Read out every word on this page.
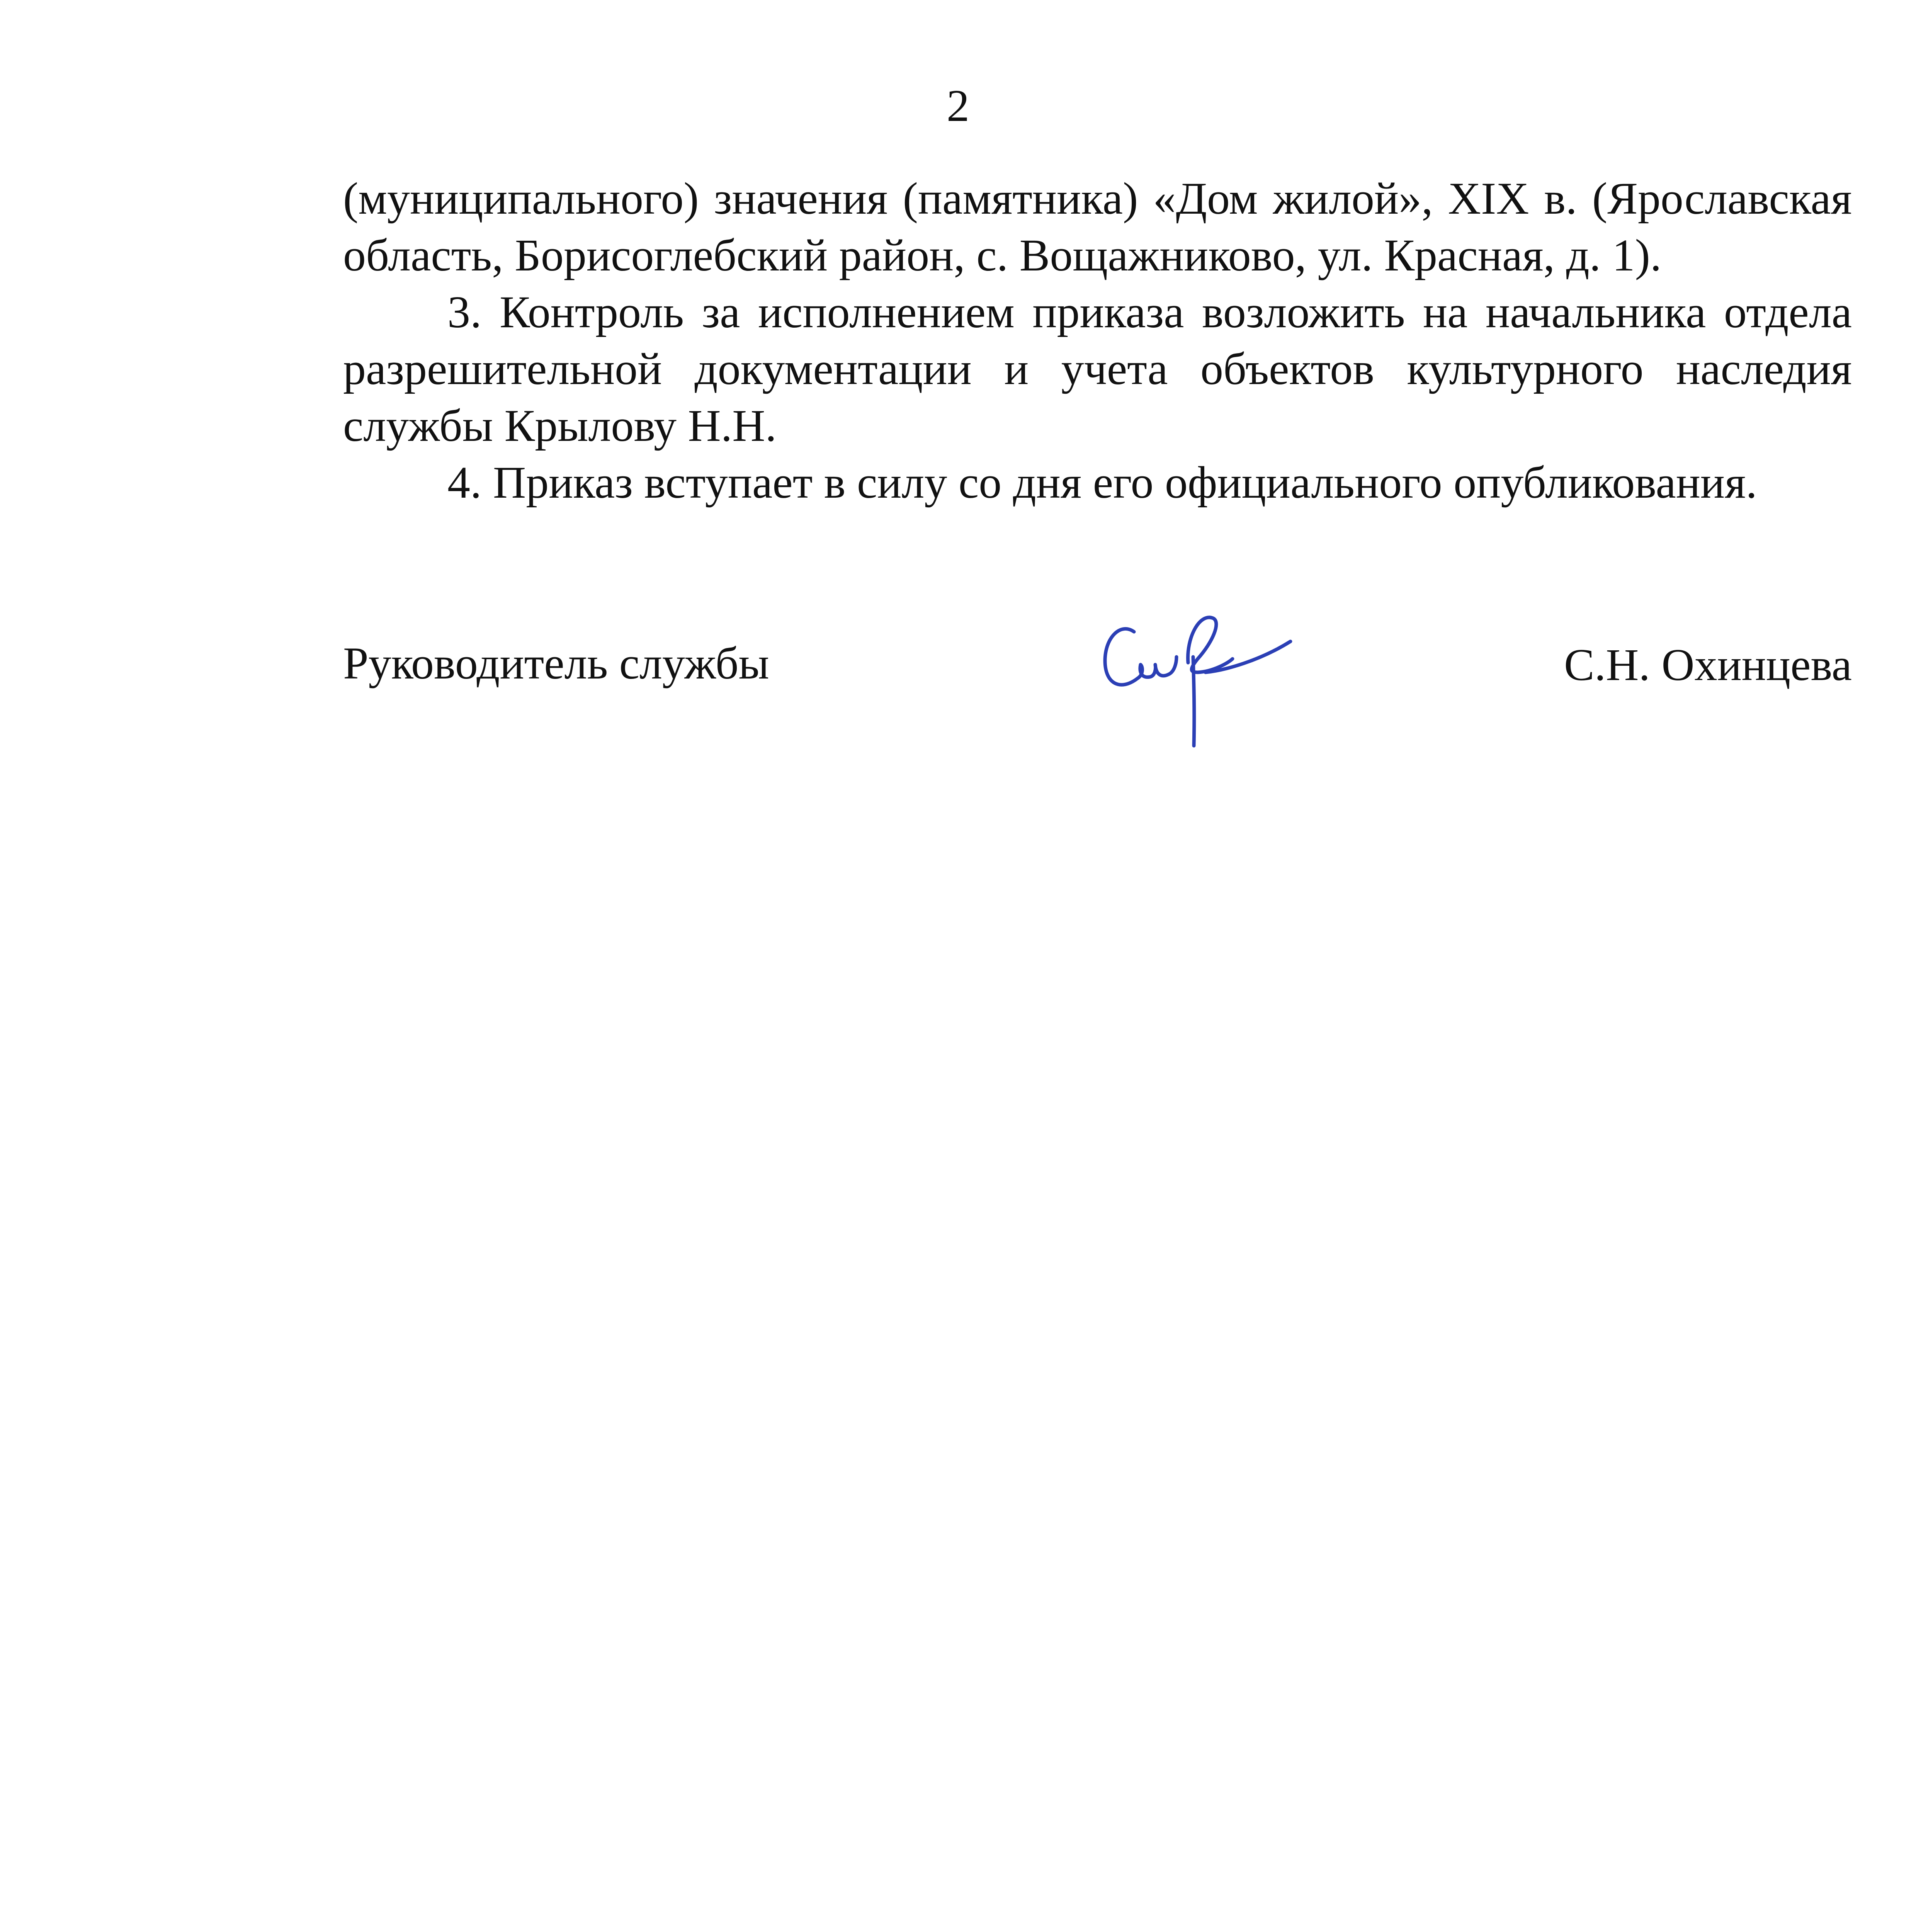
2

(муниципального) значения (памятника) «Дом жилой», XIX в. (Ярославская область, Борисоглебский район, с. Вощажниково, ул. Красная, д. 1).

3. Контроль за исполнением приказа возложить на начальника отдела разрешительной документации и учета объектов культурного наследия службы Крылову Н.Н.

4. Приказ вступает в силу со дня его официального опубликования.

Руководитель службы	С.Н. Охинцева
